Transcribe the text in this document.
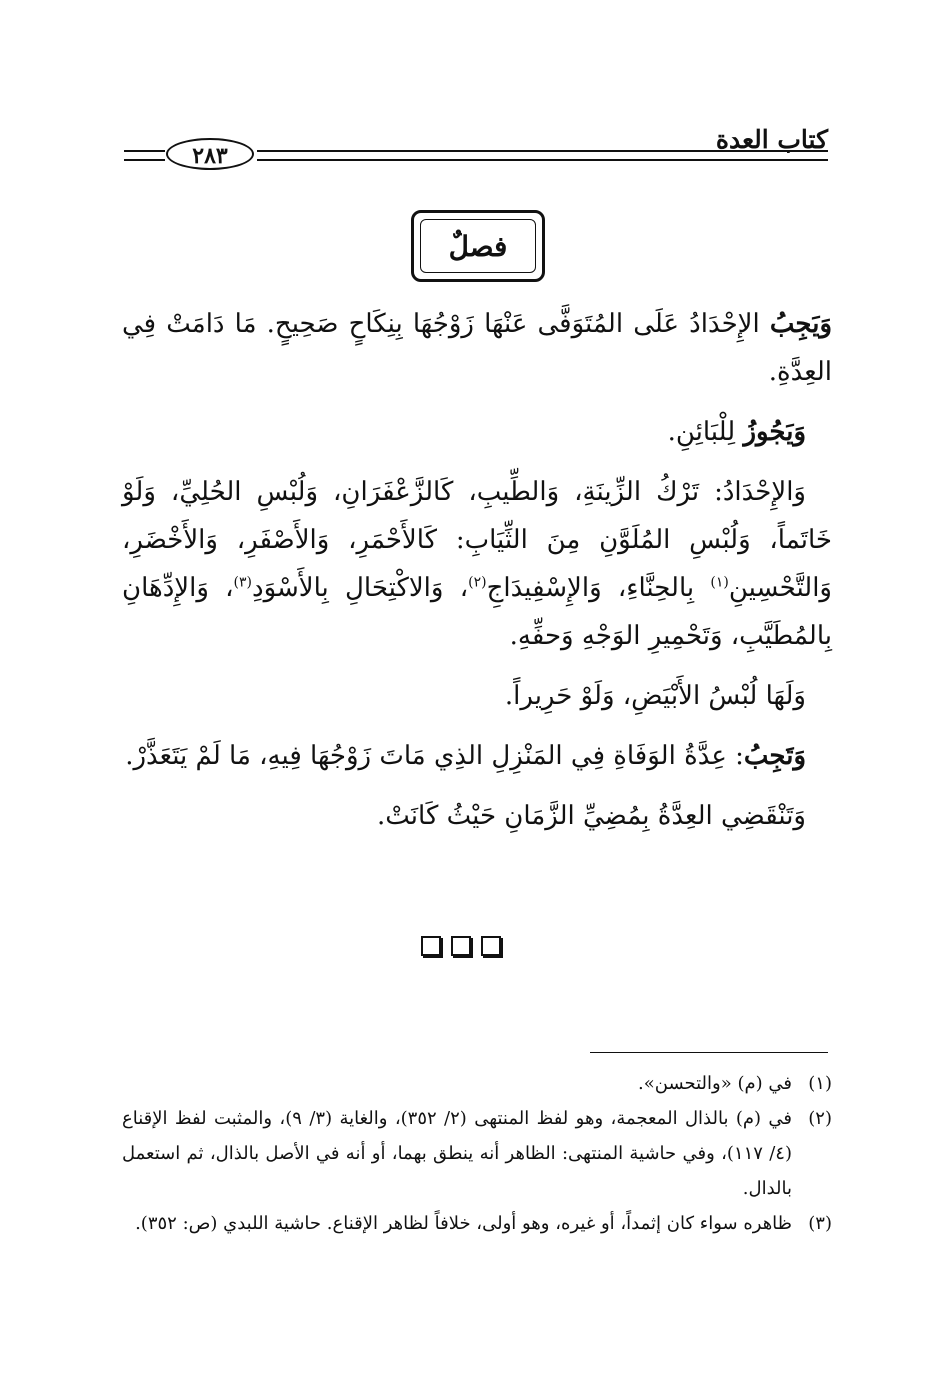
كتاب العدة
٢٨٣
فصلٌ

وَيَجِبُ الإِحْدَادُ عَلَى المُتَوَفَّى عَنْهَا زَوْجُهَا بِنِكَاحٍ صَحِيحٍ. مَا دَامَتْ فِي العِدَّةِ.

وَيَجُوزُ لِلْبَائِنِ.

وَالإِحْدَادُ: تَرْكُ الزِّينَةِ، وَالطِّيبِ، كَالزَّعْفَرَانِ، وَلُبْسِ الحُلِيِّ، وَلَوْ خَاتَماً، وَلُبْسِ المُلَوَّنِ مِنَ الثِّيَابِ: كَالأَحْمَرِ، وَالأَصْفَرِ، وَالأَخْضَرِ، وَالتَّحْسِينِ$^{(١)}$ بِالحِنَّاءِ، وَالإِسْفِيدَاجِ$^{(٢)}$، وَالاكْتِحَالِ بِالأَسْوَدِ$^{(٣)}$، وَالإِدِّهَانِ بِالمُطَيَّبِ، وَتَحْمِيرِ الوَجْهِ وَحفِّهِ.

وَلَهَا لُبْسُ الأَبْيَضِ، وَلَوْ حَرِيراً.

وَتَجِبُ: عِدَّةُ الوَفَاةِ فِي المَنْزِلِ الذِي مَاتَ زَوْجُهَا فِيهِ، مَا لَمْ يَتَعَذَّرْ.

وَتَنْقَضِي العِدَّةُ بِمُضِيِّ الزَّمَانِ حَيْثُ كَانَتْ.

(١)
في (م) «والتحسن».
(٢)
في (م) بالذال المعجمة، وهو لفظ المنتهى (٢/ ٣٥٢)، والغاية (٣/ ٩)، والمثبت لفظ الإقناع (٤/ ١١٧)، وفي حاشية المنتهى: الظاهر أنه ينطق بهما، أو أنه في الأصل بالذال، ثم استعمل بالدال.
(٣)
ظاهره سواء كان إثمداً، أو غيره، وهو أولى، خلافاً لظاهر الإقناع. حاشية اللبدي (ص: ٣٥٢).
